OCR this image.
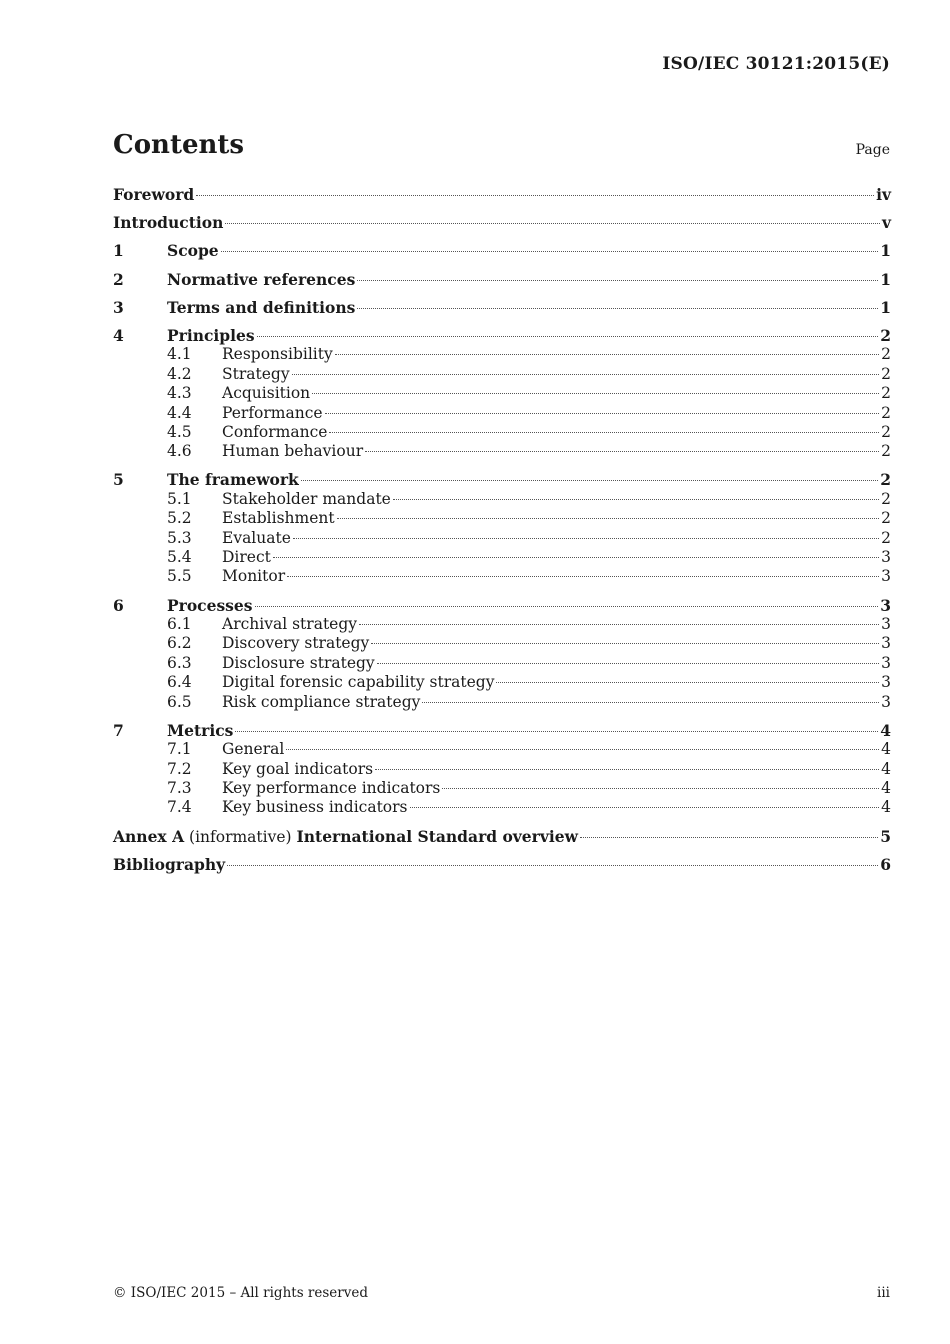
ISO/IEC 30121:2015(E)
Contents	Page
Foreword	iv
Introduction	v
1	Scope	1
2	Normative references	1
3	Terms and definitions	1
4	Principles	2
4.1	Responsibility	2
4.2	Strategy	2
4.3	Acquisition	2
4.4	Performance	2
4.5	Conformance	2
4.6	Human behaviour	2
5	The framework	2
5.1	Stakeholder mandate	2
5.2	Establishment	2
5.3	Evaluate	2
5.4	Direct	3
5.5	Monitor	3
6	Processes	3
6.1	Archival strategy	3
6.2	Discovery strategy	3
6.3	Disclosure strategy	3
6.4	Digital forensic capability strategy	3
6.5	Risk compliance strategy	3
7	Metrics	4
7.1	General	4
7.2	Key goal indicators	4
7.3	Key performance indicators	4
7.4	Key business indicators	4
Annex A (informative) International Standard overview	5
Bibliography	6
© ISO/IEC 2015 – All rights reserved	iii
